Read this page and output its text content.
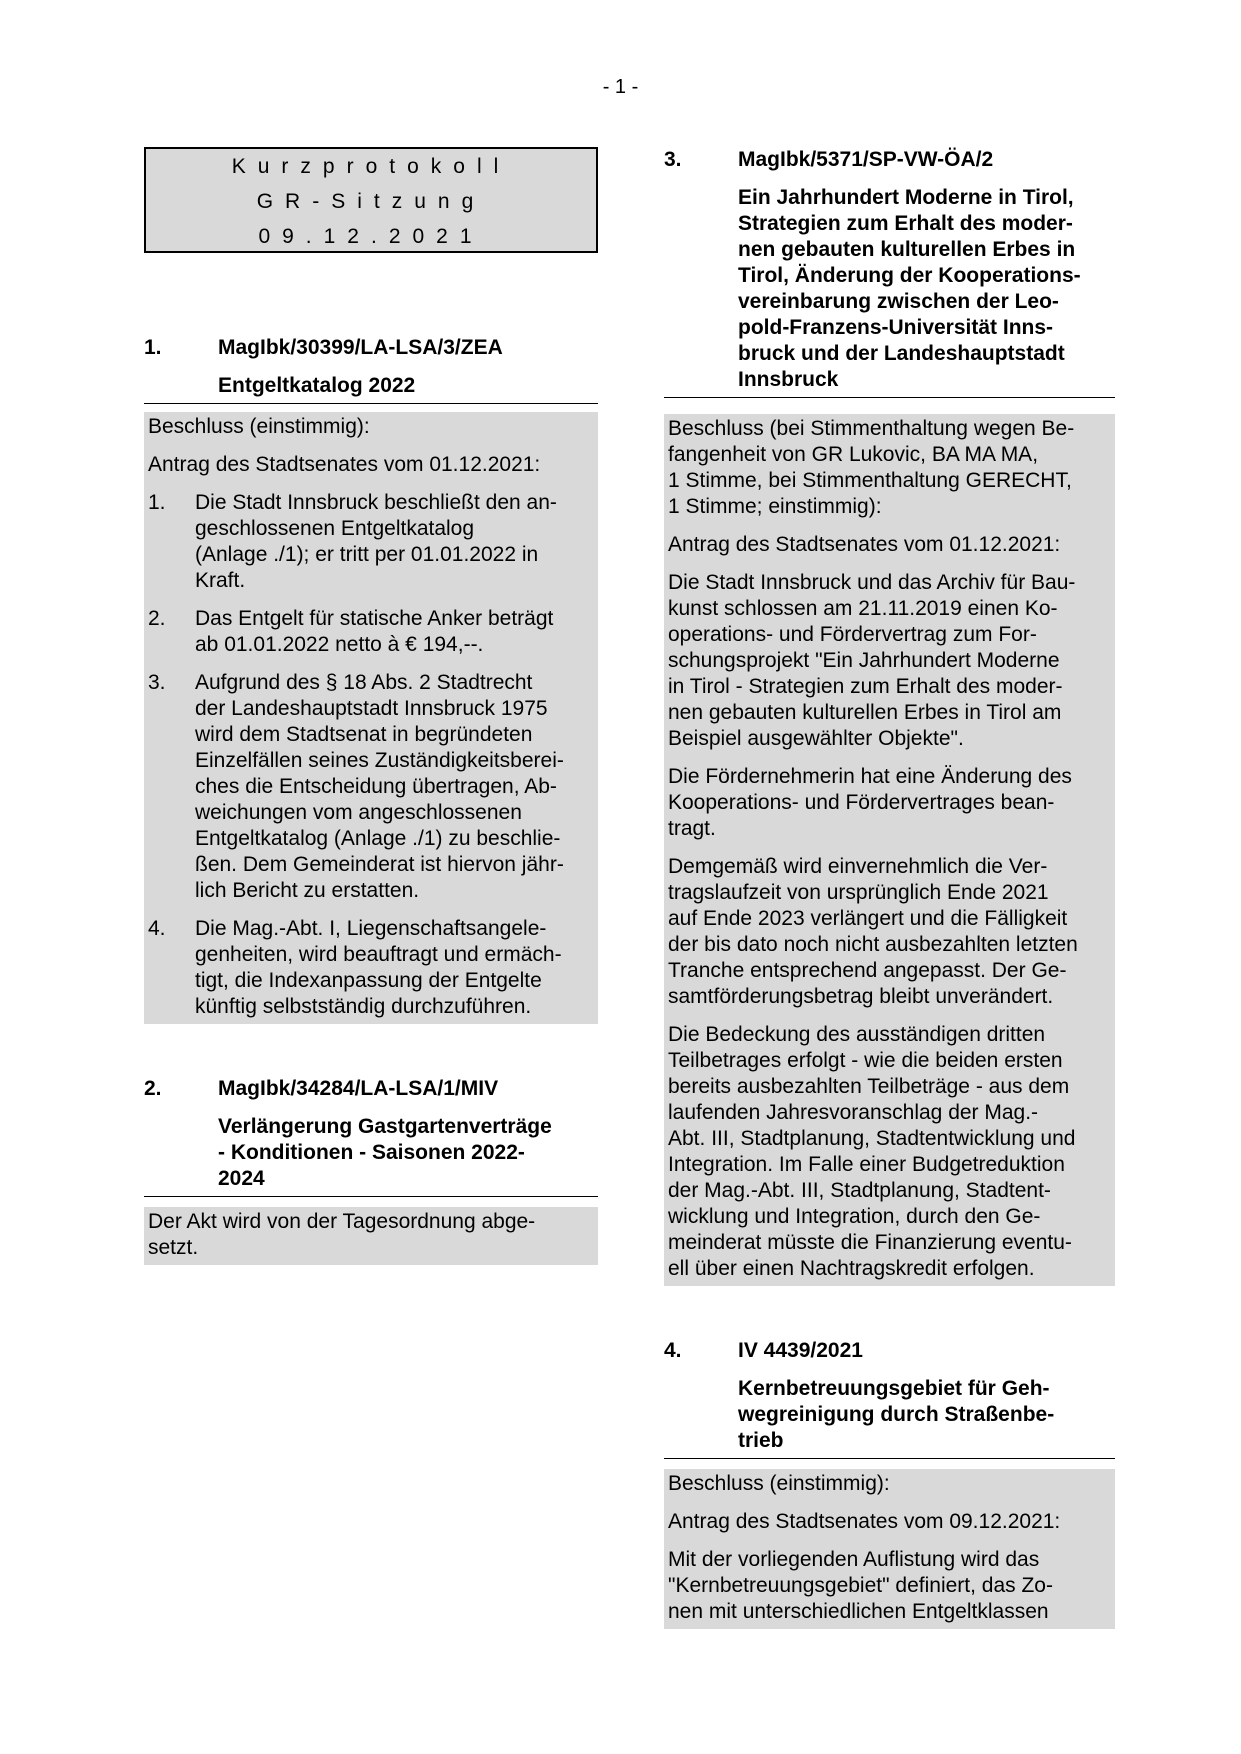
- 1 -
Kurzprotokoll
GR-Sitzung
09.12.2021
1.	MagIbk/30399/LA-LSA/3/ZEA
Entgeltkatalog 2022

Beschluss (einstimmig):

Antrag des Stadtsenates vom 01.12.2021:

1.	Die Stadt Innsbruck beschließt den an-
geschlossenen Entgeltkatalog
(Anlage ./1); er tritt per 01.01.2022 in
Kraft.
2.	Das Entgelt für statische Anker beträgt
ab 01.01.2022 netto à € 194,--.
3.	Aufgrund des § 18 Abs. 2 Stadtrecht
der Landeshauptstadt Innsbruck 1975
wird dem Stadtsenat in begründeten
Einzelfällen seines Zuständigkeitsberei-
ches die Entscheidung übertragen, Ab-
weichungen vom angeschlossenen
Entgeltkatalog (Anlage ./1) zu beschlie-
ßen. Dem Gemeinderat ist hiervon jähr-
lich Bericht zu erstatten.
4.	Die Mag.-Abt. I, Liegenschaftsangele-
genheiten, wird beauftragt und ermäch-
tigt, die Indexanpassung der Entgelte
künftig selbstständig durchzuführen.
2.	MagIbk/34284/LA-LSA/1/MIV
Verlängerung Gastgartenverträge
- Konditionen - Saisonen 2022-
2024

Der Akt wird von der Tagesordnung abge-
setzt.

3.	MagIbk/5371/SP-VW-ÖA/2
Ein Jahrhundert Moderne in Tirol,
Strategien zum Erhalt des moder-
nen gebauten kulturellen Erbes in
Tirol, Änderung der Kooperations-
vereinbarung zwischen der Leo-
pold-Franzens-Universität Inns-
bruck und der Landeshauptstadt
Innsbruck

Beschluss (bei Stimmenthaltung wegen Be-
fangenheit von GR Lukovic, BA MA MA,
1 Stimme, bei Stimmenthaltung GERECHT,
1 Stimme; einstimmig):

Antrag des Stadtsenates vom 01.12.2021:

Die Stadt Innsbruck und das Archiv für Bau-
kunst schlossen am 21.11.2019 einen Ko-
operations- und Fördervertrag zum For-
schungsprojekt "Ein Jahrhundert Moderne
in Tirol - Strategien zum Erhalt des moder-
nen gebauten kulturellen Erbes in Tirol am
Beispiel ausgewählter Objekte".

Die Fördernehmerin hat eine Änderung des
Kooperations- und Fördervertrages bean-
tragt.

Demgemäß wird einvernehmlich die Ver-
tragslaufzeit von ursprünglich Ende 2021
auf Ende 2023 verlängert und die Fälligkeit
der bis dato noch nicht ausbezahlten letzten
Tranche entsprechend angepasst. Der Ge-
samtförderungsbetrag bleibt unverändert.

Die Bedeckung des ausständigen dritten
Teilbetrages erfolgt - wie die beiden ersten
bereits ausbezahlten Teilbeträge - aus dem
laufenden Jahresvoranschlag der Mag.-
Abt. III, Stadtplanung, Stadtentwicklung und
Integration. Im Falle einer Budgetreduktion
der Mag.-Abt. III, Stadtplanung, Stadtent-
wicklung und Integration, durch den Ge-
meinderat müsste die Finanzierung eventu-
ell über einen Nachtragskredit erfolgen.

4.	IV 4439/2021
Kernbetreuungsgebiet für Geh-
wegreinigung durch Straßenbe-
trieb

Beschluss (einstimmig):

Antrag des Stadtsenates vom 09.12.2021:

Mit der vorliegenden Auflistung wird das
"Kernbetreuungsgebiet" definiert, das Zo-
nen mit unterschiedlichen Entgeltklassen
